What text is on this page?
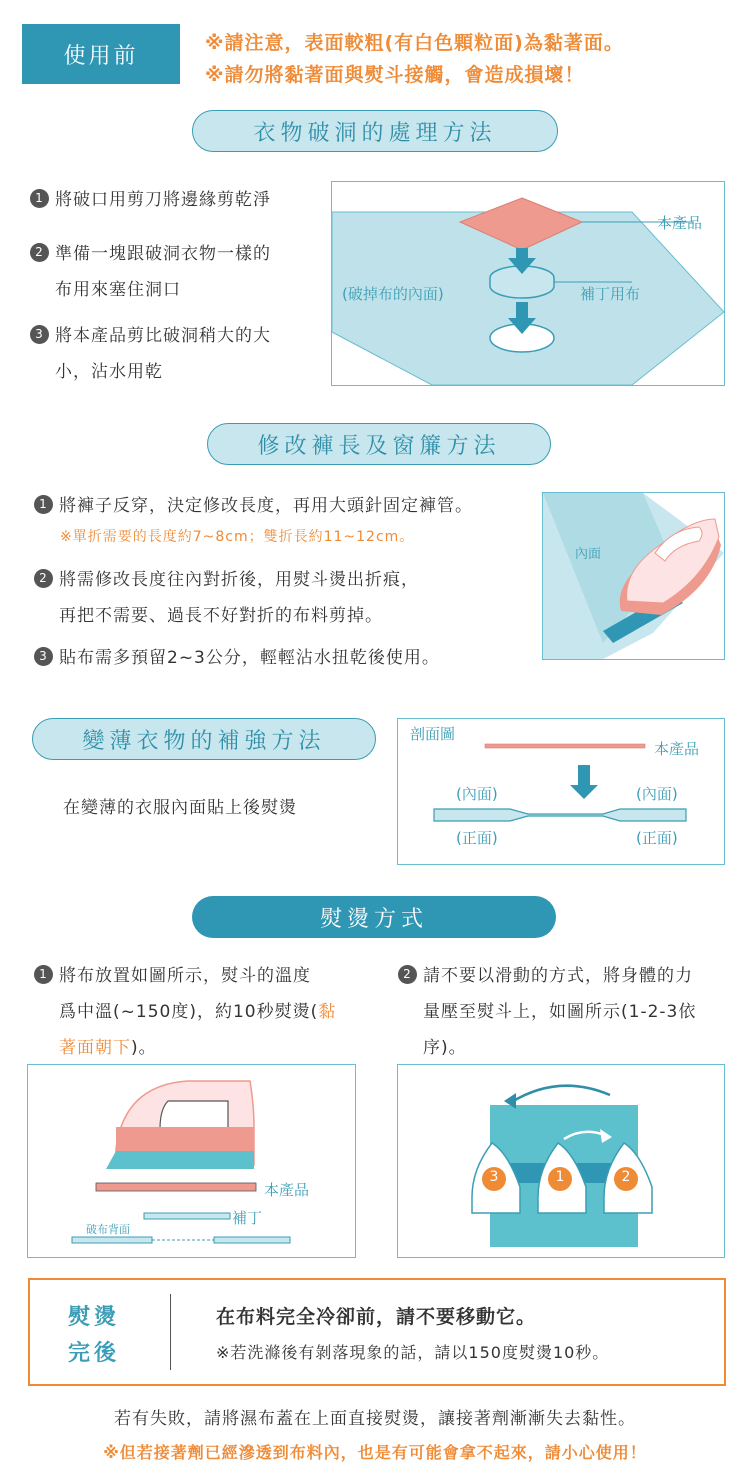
使用前
※請注意，表面較粗(有白色顆粒面)為黏著面。
※請勿將黏著面與熨斗接觸，會造成損壞！
衣物破洞的處理方法
1 將破口用剪刀將邊緣剪乾淨
2 準備一塊跟破洞衣物一樣的
布用來塞住洞口
3 將本產品剪比破洞稍大的大
小，沾水用乾
本產品
(破掉布的內面)	補丁用布
修改褲長及窗簾方法
1 將褲子反穿，決定修改長度，再用大頭針固定褲管。
※單折需要的長度約7~8cm；雙折長約11~12cm。
2 將需修改長度往內對折後，用熨斗燙出折痕，
再把不需要、過長不好對折的布料剪掉。
3 貼布需多預留2~3公分，輕輕沾水扭乾後使用。
內面
變薄衣物的補強方法
在變薄的衣服內面貼上後熨燙
剖面圖
本產品
(內面)	(內面)
(正面)	(正面)
熨燙方式
1 將布放置如圖所示，熨斗的溫度
爲中溫(~150度)，約10秒熨燙(黏
著面朝下)。
2 請不要以滑動的方式，將身體的力
量壓至熨斗上，如圖所示(1-2-3依
序)。
本產品
補丁
破布背面
3	1	2
熨燙
完後
在布料完全冷卻前，請不要移動它。
※若洗滌後有剝落現象的話，請以150度熨燙10秒。
若有失敗，請將濕布蓋在上面直接熨燙，讓接著劑漸漸失去黏性。
※但若接著劑已經滲透到布料內，也是有可能會拿不起來，請小心使用！
